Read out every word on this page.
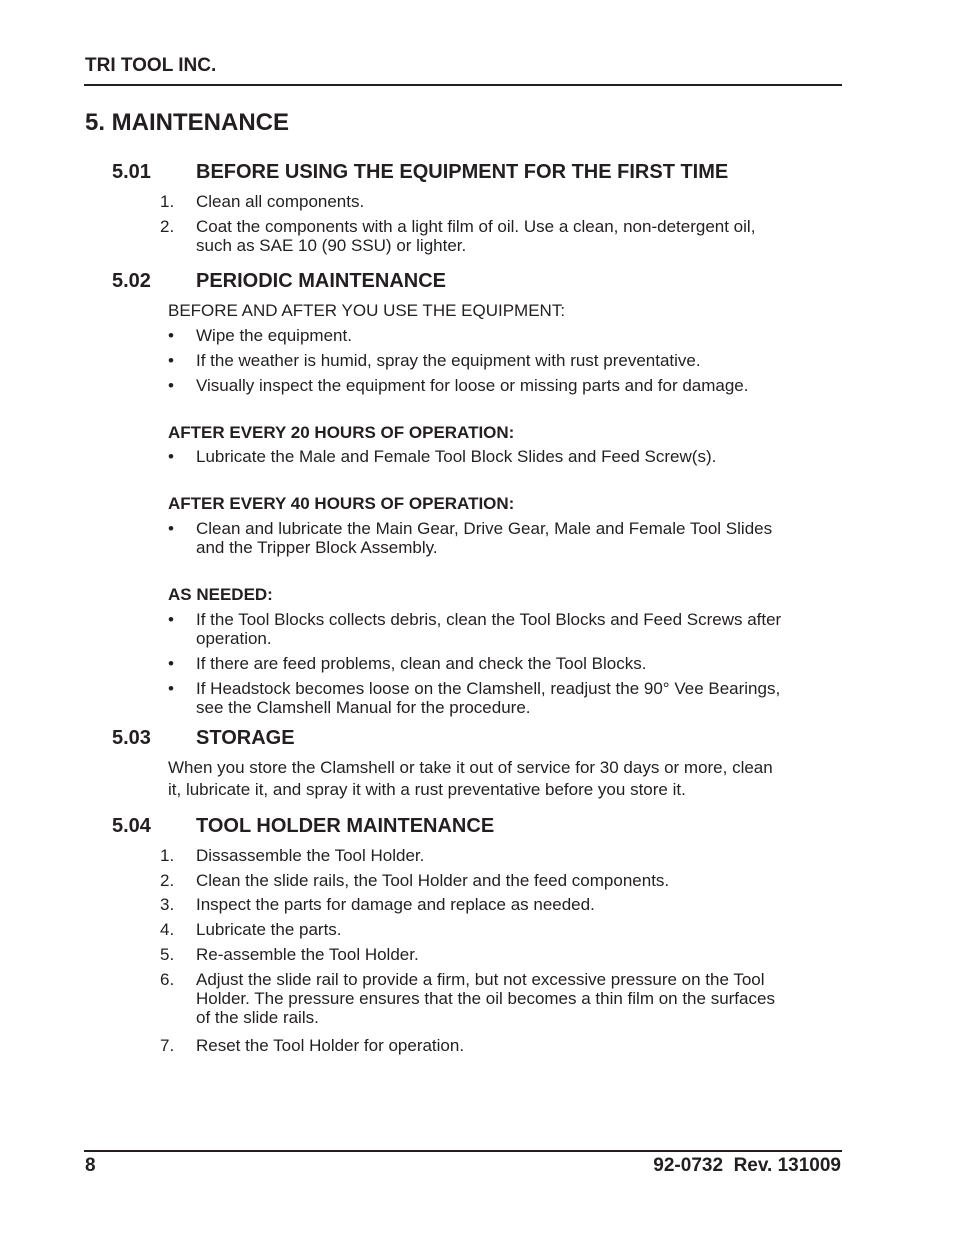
TRI TOOL INC.
5. MAINTENANCE
5.01 BEFORE USING THE EQUIPMENT FOR THE FIRST TIME
1. Clean all components.
2. Coat the components with a light film of oil. Use a clean, non-detergent oil,
such as SAE 10 (90 SSU) or lighter.
5.02 PERIODIC MAINTENANCE
BEFORE AND AFTER YOU USE THE EQUIPMENT:
• Wipe the equipment.
• If the weather is humid, spray the equipment with rust preventative.
• Visually inspect the equipment for loose or missing parts and for damage.
AFTER EVERY 20 HOURS OF OPERATION:
• Lubricate the Male and Female Tool Block Slides and Feed Screw(s).
AFTER EVERY 40 HOURS OF OPERATION:
• Clean and lubricate the Main Gear, Drive Gear, Male and Female Tool Slides
and the Tripper Block Assembly.
AS NEEDED:
• If the Tool Blocks collects debris, clean the Tool Blocks and Feed Screws after
operation.
• If there are feed problems, clean and check the Tool Blocks.
• If Headstock becomes loose on the Clamshell, readjust the 90° Vee Bearings,
see the Clamshell Manual for the procedure.
5.03 STORAGE
When you store the Clamshell or take it out of service for 30 days or more, clean
it, lubricate it, and spray it with a rust preventative before you store it.
5.04 TOOL HOLDER MAINTENANCE
1. Dissassemble the Tool Holder.
2. Clean the slide rails, the Tool Holder and the feed components.
3. Inspect the parts for damage and replace as needed.
4. Lubricate the parts.
5. Re-assemble the Tool Holder.
6. Adjust the slide rail to provide a firm, but not excessive pressure on the Tool
Holder. The pressure ensures that the oil becomes a thin film on the surfaces
of the slide rails.
7. Reset the Tool Holder for operation.
8	92-0732  Rev. 131009
